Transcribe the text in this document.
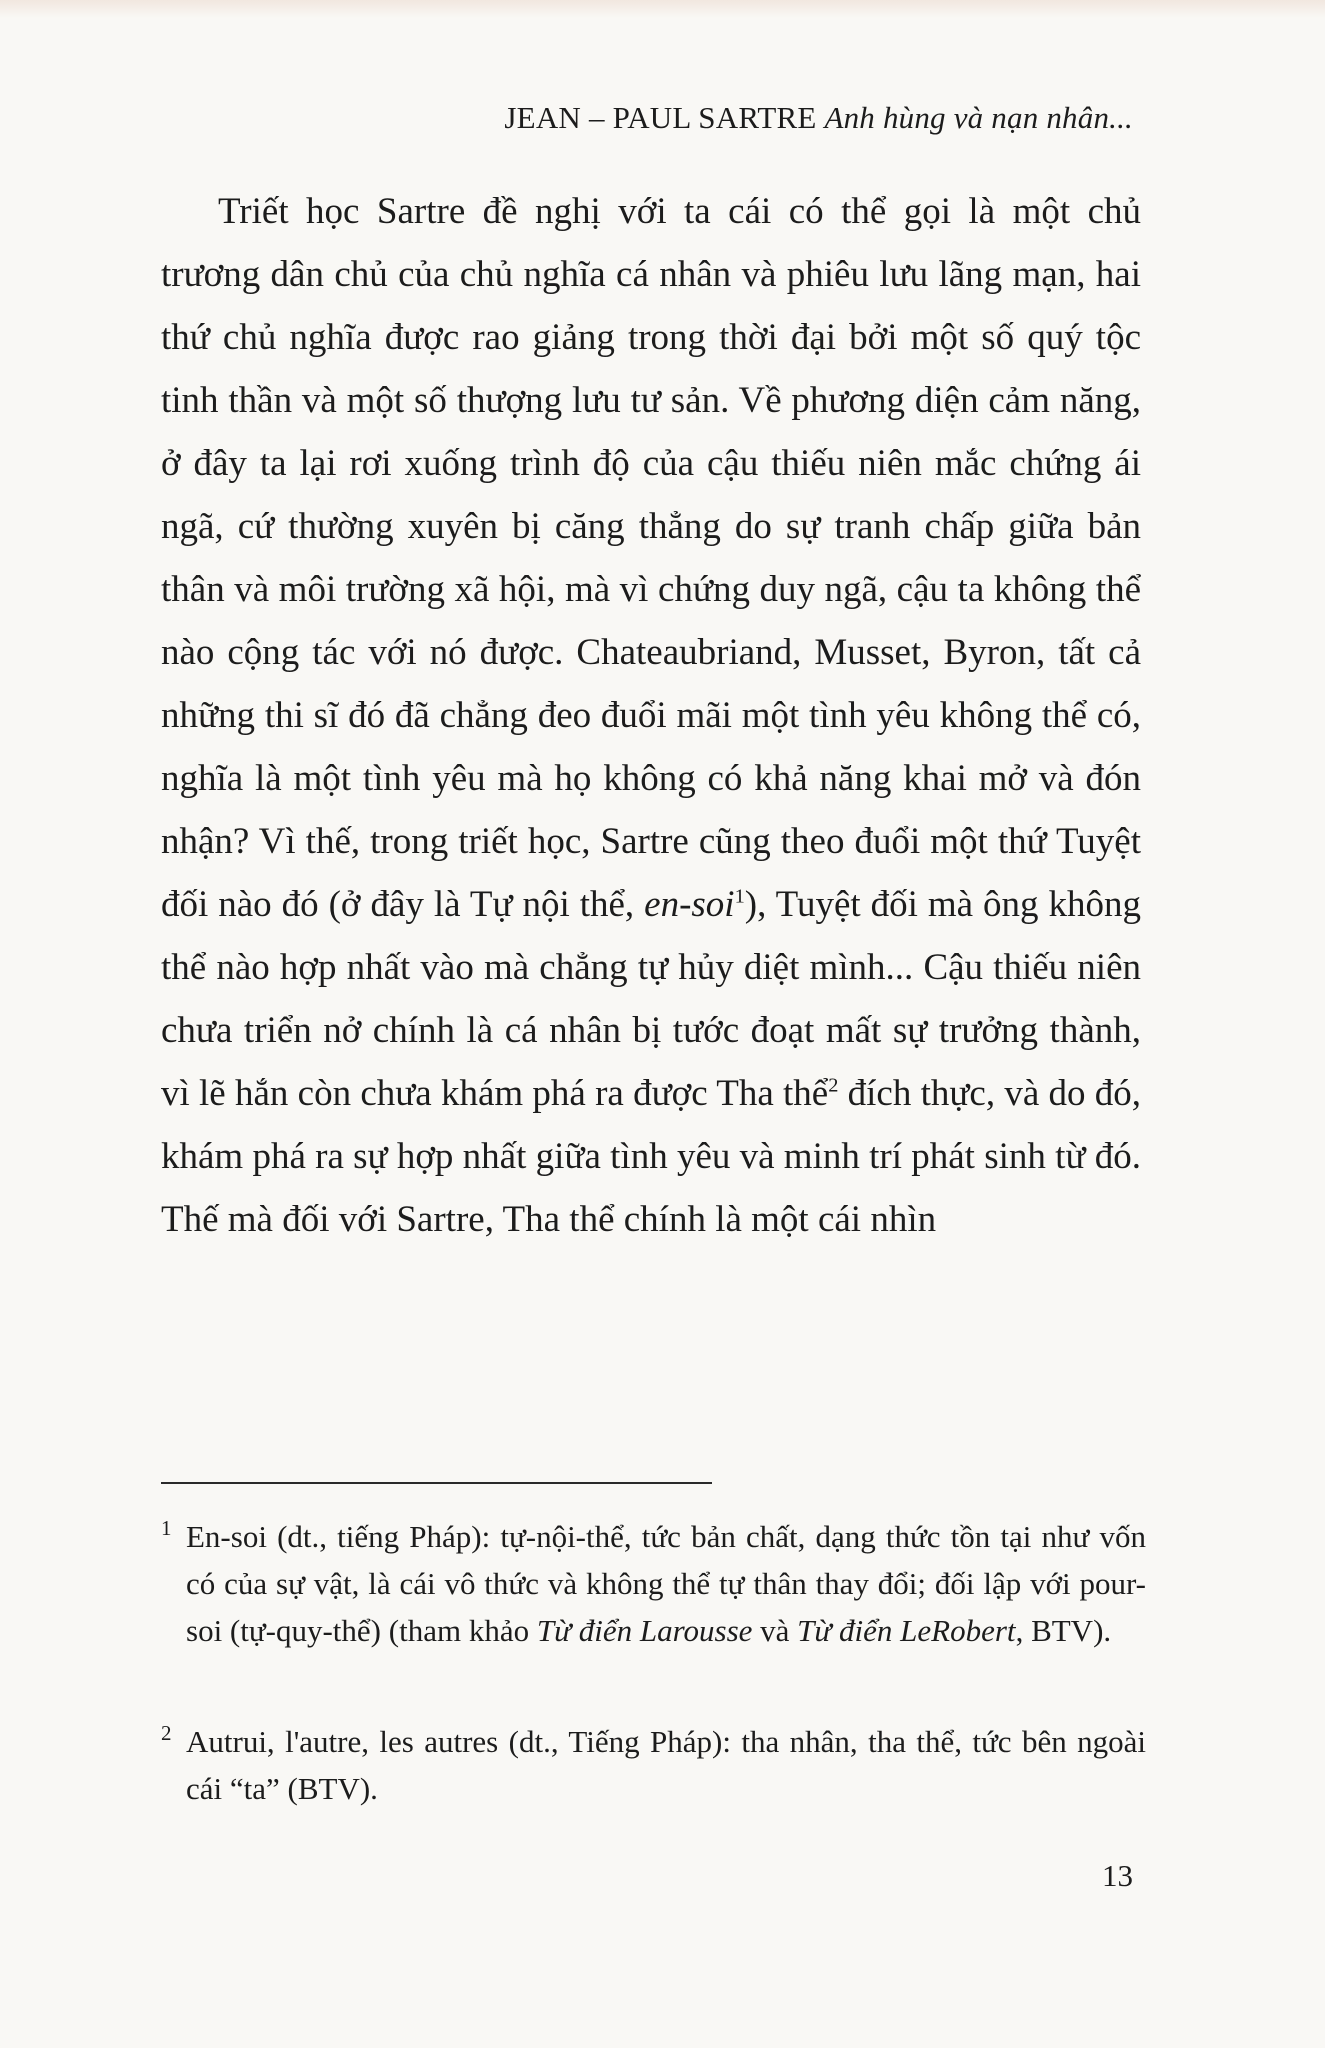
JEAN – PAUL SARTRE Anh hùng và nạn nhân...

Triết học Sartre đề nghị với ta cái có thể gọi là một chủ trương dân chủ của chủ nghĩa cá nhân và phiêu lưu lãng mạn, hai thứ chủ nghĩa được rao giảng trong thời đại bởi một số quý tộc tinh thần và một số thượng lưu tư sản. Về phương diện cảm năng, ở đây ta lại rơi xuống trình độ của cậu thiếu niên mắc chứng ái ngã, cứ thường xuyên bị căng thẳng do sự tranh chấp giữa bản thân và môi trường xã hội, mà vì chứng duy ngã, cậu ta không thể nào cộng tác với nó được. Chateaubriand, Musset, Byron, tất cả những thi sĩ đó đã chẳng đeo đuổi mãi một tình yêu không thể có, nghĩa là một tình yêu mà họ không có khả năng khai mở và đón nhận? Vì thế, trong triết học, Sartre cũng theo đuổi một thứ Tuyệt đối nào đó (ở đây là Tự nội thể, en-soi$^1$), Tuyệt đối mà ông không thể nào hợp nhất vào mà chẳng tự hủy diệt mình... Cậu thiếu niên chưa triển nở chính là cá nhân bị tước đoạt mất sự trưởng thành, vì lẽ hắn còn chưa khám phá ra được Tha thể$^2$ đích thực, và do đó, khám phá ra sự hợp nhất giữa tình yêu và minh trí phát sinh từ đó. Thế mà đối với Sartre, Tha thể chính là một cái nhìn

1 En-soi (dt., tiếng Pháp): tự-nội-thể, tức bản chất, dạng thức tồn tại như vốn có của sự vật, là cái vô thức và không thể tự thân thay đổi; đối lập với pour-soi (tự-quy-thể) (tham khảo Từ điển Larousse và Từ điển LeRobert, BTV).
2 Autrui, l'autre, les autres (dt., Tiếng Pháp): tha nhân, tha thể, tức bên ngoài cái “ta” (BTV).
13
